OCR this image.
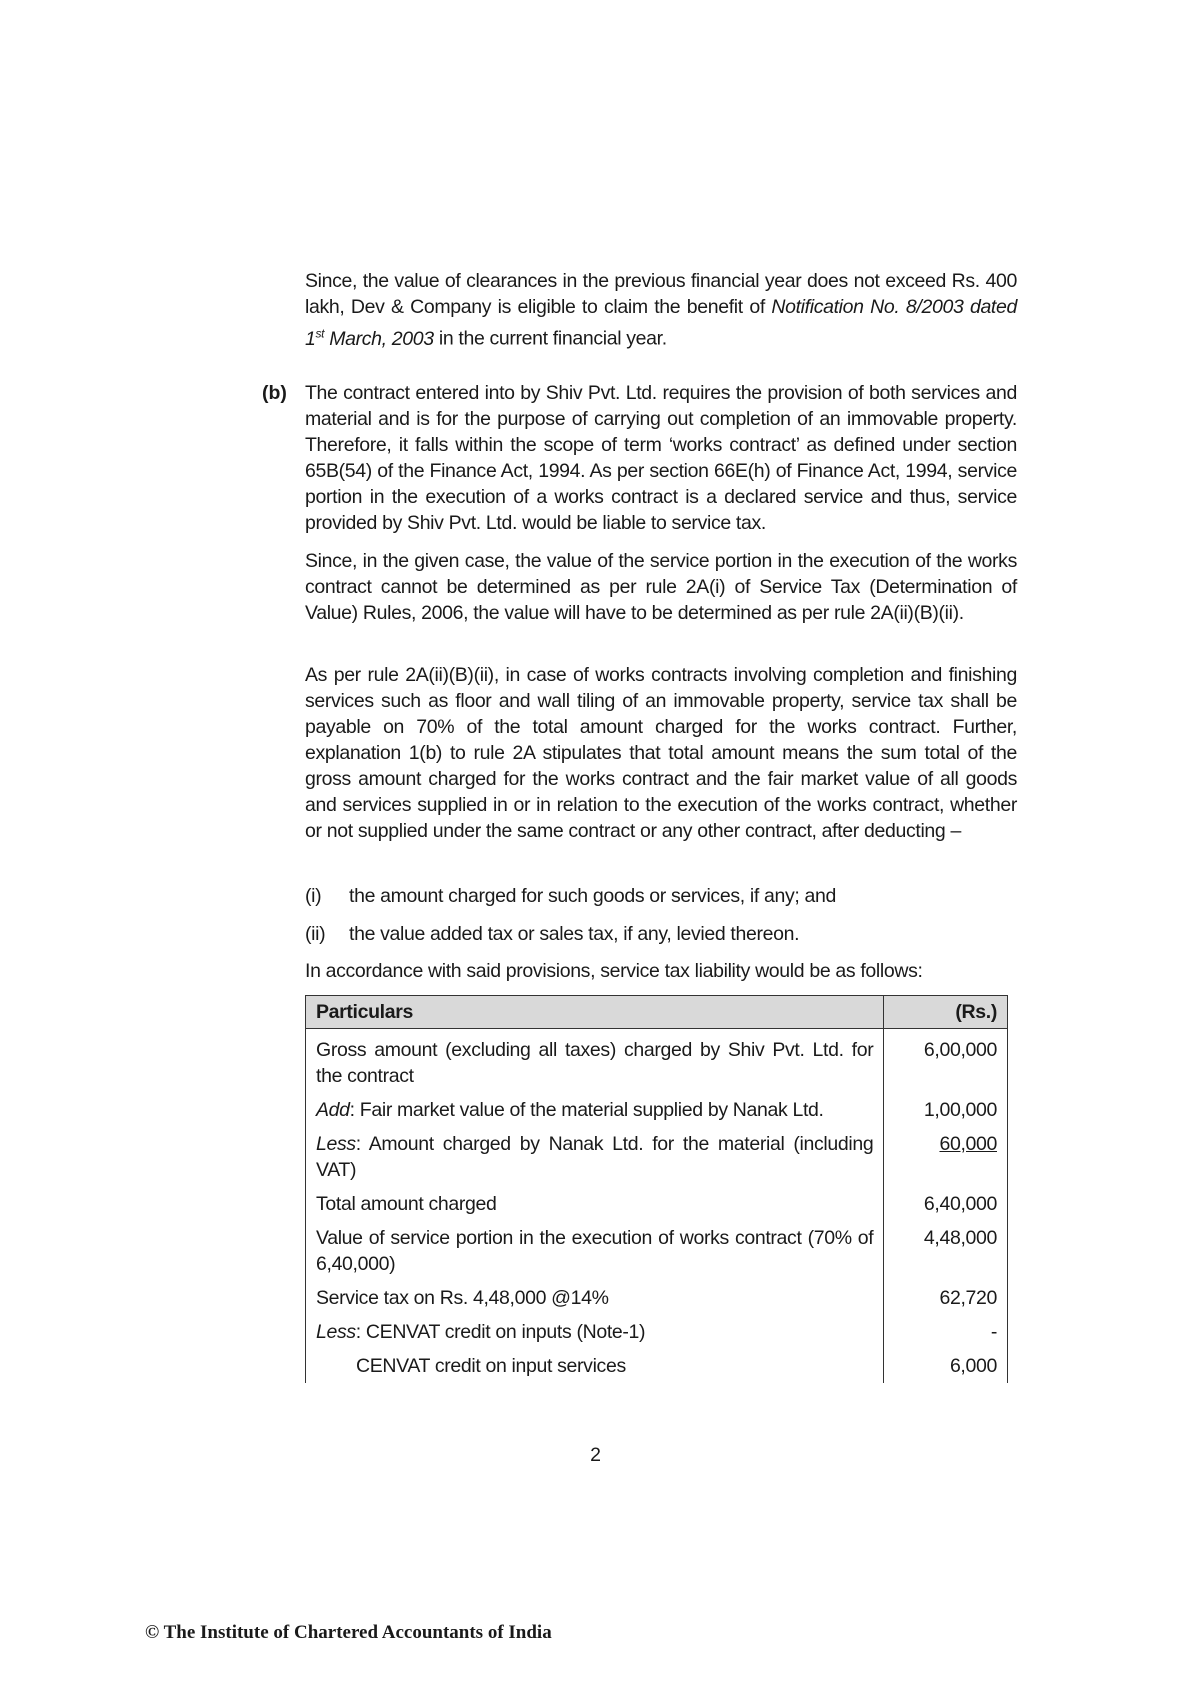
Since, the value of clearances in the previous financial year does not exceed Rs. 400 lakh, Dev & Company is eligible to claim the benefit of Notification No. 8/2003 dated 1st March, 2003 in the current financial year.

(b) The contract entered into by Shiv Pvt. Ltd. requires the provision of both services and material and is for the purpose of carrying out completion of an immovable property. Therefore, it falls within the scope of term ‘works contract’ as defined under section 65B(54) of the Finance Act, 1994. As per section 66E(h) of Finance Act, 1994, service portion in the execution of a works contract is a declared service and thus, service provided by Shiv Pvt. Ltd. would be liable to service tax.

Since, in the given case, the value of the service portion in the execution of the works contract cannot be determined as per rule 2A(i) of Service Tax (Determination of Value) Rules, 2006, the value will have to be determined as per rule 2A(ii)(B)(ii).

As per rule 2A(ii)(B)(ii), in case of works contracts involving completion and finishing services such as floor and wall tiling of an immovable property, service tax shall be payable on 70% of the total amount charged for the works contract. Further, explanation 1(b) to rule 2A stipulates that total amount means the sum total of the gross amount charged for the works contract and the fair market value of all goods and services supplied in or in relation to the execution of the works contract, whether or not supplied under the same contract or any other contract, after deducting –

(i)	the amount charged for such goods or services, if any; and
(ii)	the value added tax or sales tax, if any, levied thereon.

In accordance with said provisions, service tax liability would be as follows:

Particulars	(Rs.)
Gross amount (excluding all taxes) charged by Shiv Pvt. Ltd. for the contract	6,00,000
Add: Fair market value of the material supplied by Nanak Ltd.	1,00,000
Less: Amount charged by Nanak Ltd. for the material (including VAT)	60,000
Total amount charged	6,40,000
Value of service portion in the execution of works contract (70% of 6,40,000)	4,48,000
Service tax on Rs. 4,48,000 @14%	62,720
Less: CENVAT credit on inputs (Note-1)	-
CENVAT credit on input services	6,000
2
© The Institute of Chartered Accountants of India
